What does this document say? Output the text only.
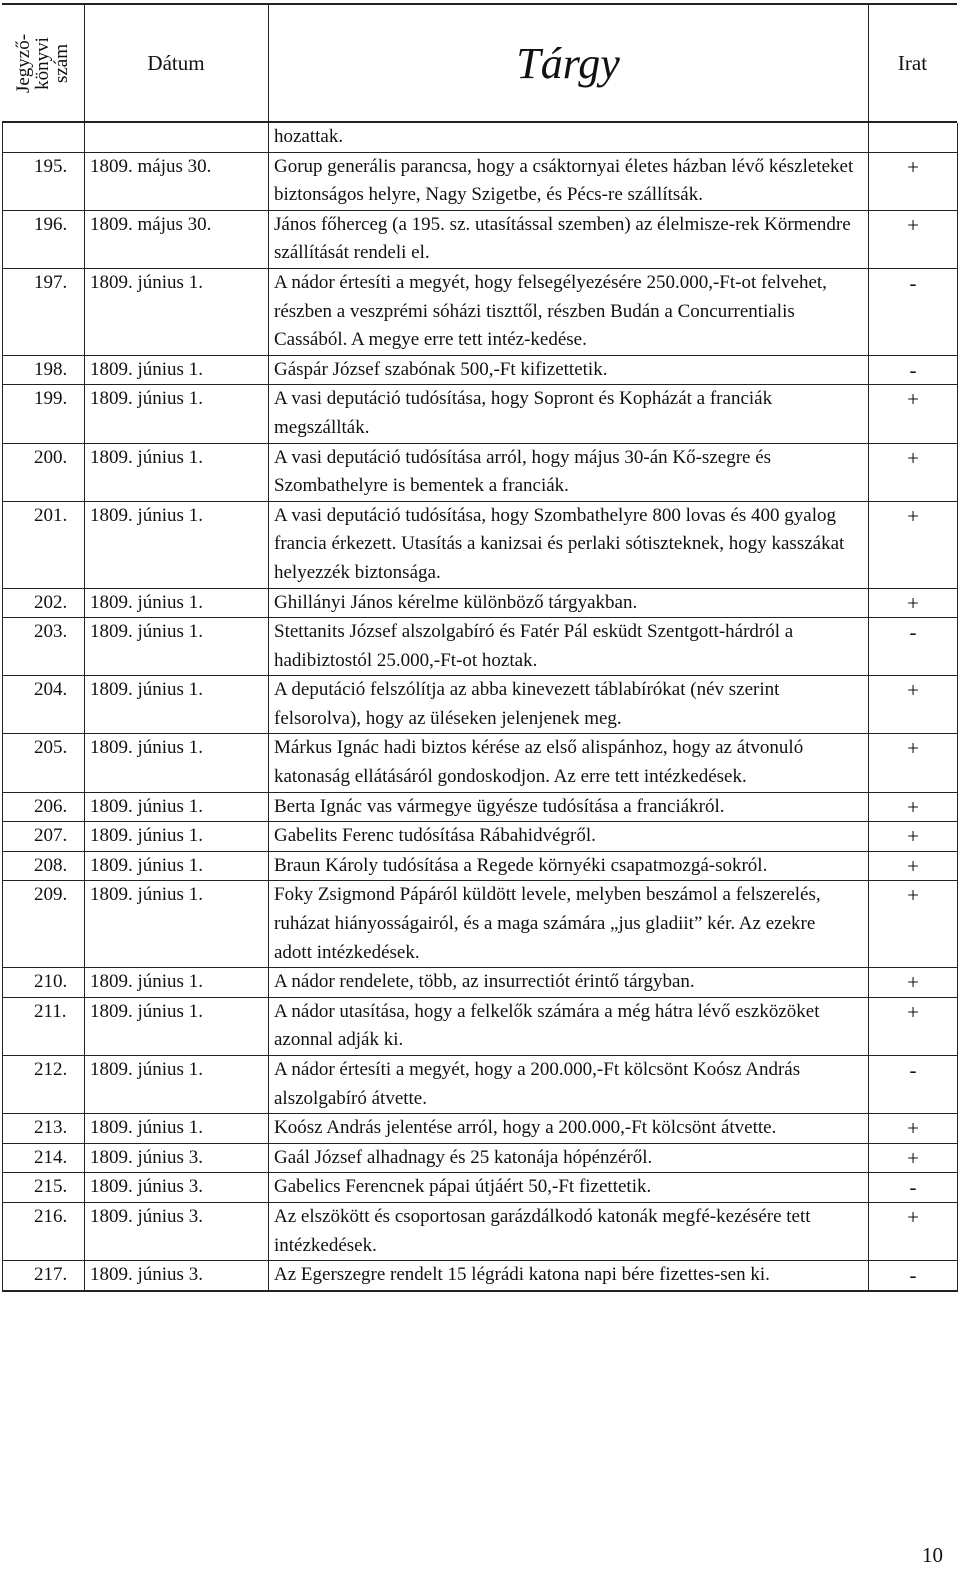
Jegyző-
könyvi
szám	Dátum	Tárgy	Irat
		hozattak.	
195.	1809. május 30.	Gorup generális parancsa, hogy a csáktornyai életes házban lévő készleteket biztonságos helyre, Nagy Szigetbe, és Pécs-re szállítsák.	+
196.	1809. május 30.	János főherceg (a 195. sz. utasítással szemben) az élelmisze-rek Körmendre szállítását rendeli el.	+
197.	1809. június 1.	A nádor értesíti a megyét, hogy felsegélyezésére 250.000,-Ft-ot felvehet, részben a veszprémi sóházi tiszttől, részben Budán a Concurrentialis Cassából. A megye erre tett intéz-kedése.	-
198.	1809. június 1.	Gáspár József szabónak 500,-Ft kifizettetik.	-
199.	1809. június 1.	A vasi deputáció tudósítása, hogy Sopront és Kopházát a franciák megszállták.	+
200.	1809. június 1.	A vasi deputáció tudósítása arról, hogy május 30-án Kő-szegre és Szombathelyre is bementek a franciák.	+
201.	1809. június 1.	A vasi deputáció tudósítása, hogy Szombathelyre 800 lovas és 400 gyalog francia érkezett. Utasítás a kanizsai és perlaki sótiszteknek, hogy kasszákat helyezzék biztonsága.	+
202.	1809. június 1.	Ghillányi János kérelme különböző tárgyakban.	+
203.	1809. június 1.	Stettanits József alszolgabíró és Fatér Pál esküdt Szentgott-hárdról a hadibiztostól 25.000,-Ft-ot hoztak.	-
204.	1809. június 1.	A deputáció felszólítja az abba kinevezett táblabírókat (név szerint felsorolva), hogy az üléseken jelenjenek meg.	+
205.	1809. június 1.	Márkus Ignác hadi biztos kérése az első alispánhoz, hogy az átvonuló katonaság ellátásáról gondoskodjon. Az erre tett intézkedések.	+
206.	1809. június 1.	Berta Ignác vas vármegye ügyésze tudósítása a franciákról.	+
207.	1809. június 1.	Gabelits Ferenc tudósítása Rábahidvégről.	+
208.	1809. június 1.	Braun Károly tudósítása a Regede környéki csapatmozgá-sokról.	+
209.	1809. június 1.	Foky Zsigmond Pápáról küldött levele, melyben beszámol a felszerelés, ruházat hiányosságairól, és a maga számára „jus gladiit” kér. Az ezekre adott intézkedések.	+
210.	1809. június 1.	A nádor rendelete, több, az insurrectiót érintő tárgyban.	+
211.	1809. június 1.	A nádor utasítása, hogy a felkelők számára a még hátra lévő eszközöket azonnal adják ki.	+
212.	1809. június 1.	A nádor értesíti a megyét, hogy a 200.000,-Ft kölcsönt Koósz András alszolgabíró átvette.	-
213.	1809. június 1.	Koósz András jelentése arról, hogy a 200.000,-Ft kölcsönt átvette.	+
214.	1809. június 3.	Gaál József alhadnagy és 25 katonája hópénzéről.	+
215.	1809. június 3.	Gabelics Ferencnek pápai útjáért 50,-Ft fizettetik.	-
216.	1809. június 3.	Az elszökött és csoportosan garázdálkodó katonák megfé-kezésére tett intézkedések.	+
217.	1809. június 3.	Az Egerszegre rendelt 15 légrádi katona napi bére fizettes-sen ki.	-
10
